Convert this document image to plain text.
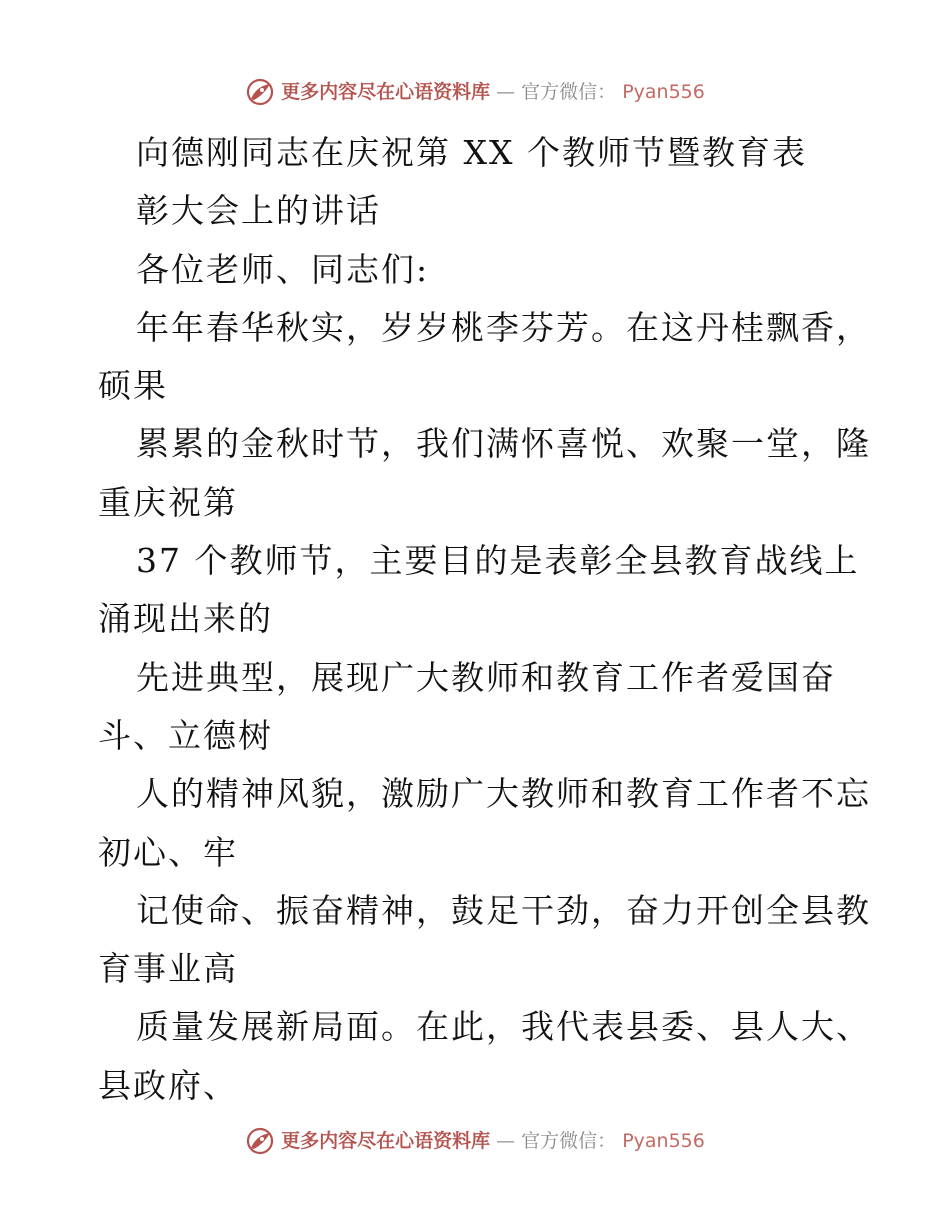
更多内容尽在心语资料库 — 官方微信： Pyan556
向德刚同志在庆祝第 XX 个教师节暨教育表
彰大会上的讲话
各位老师、同志们:
年年春华秋实，岁岁桃李芬芳。在这丹桂飘香，
硕果
累累的金秋时节，我们满怀喜悦、欢聚一堂，隆
重庆祝第
37 个教师节，主要目的是表彰全县教育战线上
涌现出来的
先进典型，展现广大教师和教育工作者爱国奋
斗、立德树
人的精神风貌，激励广大教师和教育工作者不忘
初心、牢
记使命、振奋精神，鼓足干劲，奋力开创全县教
育事业高
质量发展新局面。在此，我代表县委、县人大、
县政府、
更多内容尽在心语资料库 — 官方微信： Pyan556
